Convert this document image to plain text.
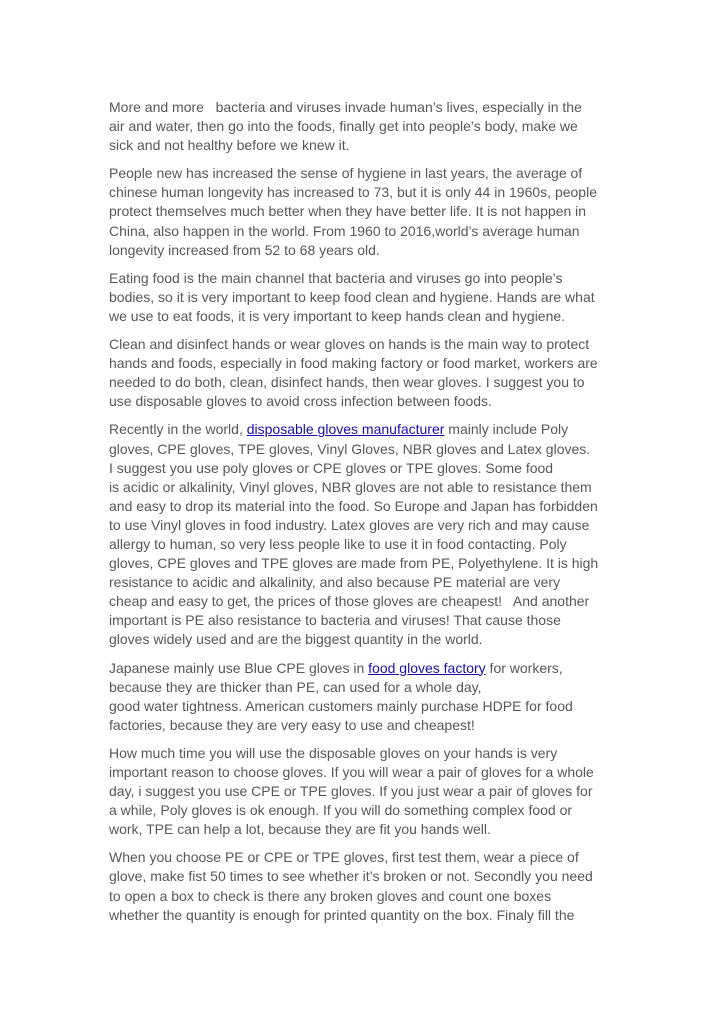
More and more   bacteria and viruses invade human’s lives, especially in the
air and water, then go into the foods, finally get into people’s body, make we
sick and not healthy before we knew it.

People new has increased the sense of hygiene in last years, the average of
chinese human longevity has increased to 73, but it is only 44 in 1960s, people
protect themselves much better when they have better life. It is not happen in
China, also happen in the world. From 1960 to 2016,world’s average human
longevity increased from 52 to 68 years old.

Eating food is the main channel that bacteria and viruses go into people’s
bodies, so it is very important to keep food clean and hygiene. Hands are what
we use to eat foods, it is very important to keep hands clean and hygiene.

Clean and disinfect hands or wear gloves on hands is the main way to protect
hands and foods, especially in food making factory or food market, workers are
needed to do both, clean, disinfect hands, then wear gloves. I suggest you to
use disposable gloves to avoid cross infection between foods.

Recently in the world, disposable gloves manufacturer mainly include Poly
gloves, CPE gloves, TPE gloves, Vinyl Gloves, NBR gloves and Latex gloves.
I suggest you use poly gloves or CPE gloves or TPE gloves. Some food
is acidic or alkalinity, Vinyl gloves, NBR gloves are not able to resistance them
and easy to drop its material into the food. So Europe and Japan has forbidden
to use Vinyl gloves in food industry. Latex gloves are very rich and may cause
allergy to human, so very less people like to use it in food contacting. Poly
gloves, CPE gloves and TPE gloves are made from PE, Polyethylene. It is high
resistance to acidic and alkalinity, and also because PE material are very
cheap and easy to get, the prices of those gloves are cheapest!   And another
important is PE also resistance to bacteria and viruses! That cause those
gloves widely used and are the biggest quantity in the world.

Japanese mainly use Blue CPE gloves in food gloves factory for workers,
because they are thicker than PE, can used for a whole day,
good water tightness. American customers mainly purchase HDPE for food
factories, because they are very easy to use and cheapest!

How much time you will use the disposable gloves on your hands is very
important reason to choose gloves. If you will wear a pair of gloves for a whole
day, i suggest you use CPE or TPE gloves. If you just wear a pair of gloves for
a while, Poly gloves is ok enough. If you will do something complex food or
work, TPE can help a lot, because they are fit you hands well.

When you choose PE or CPE or TPE gloves, first test them, wear a piece of
glove, make fist 50 times to see whether it’s broken or not. Secondly you need
to open a box to check is there any broken gloves and count one boxes
whether the quantity is enough for printed quantity on the box. Finaly fill the
